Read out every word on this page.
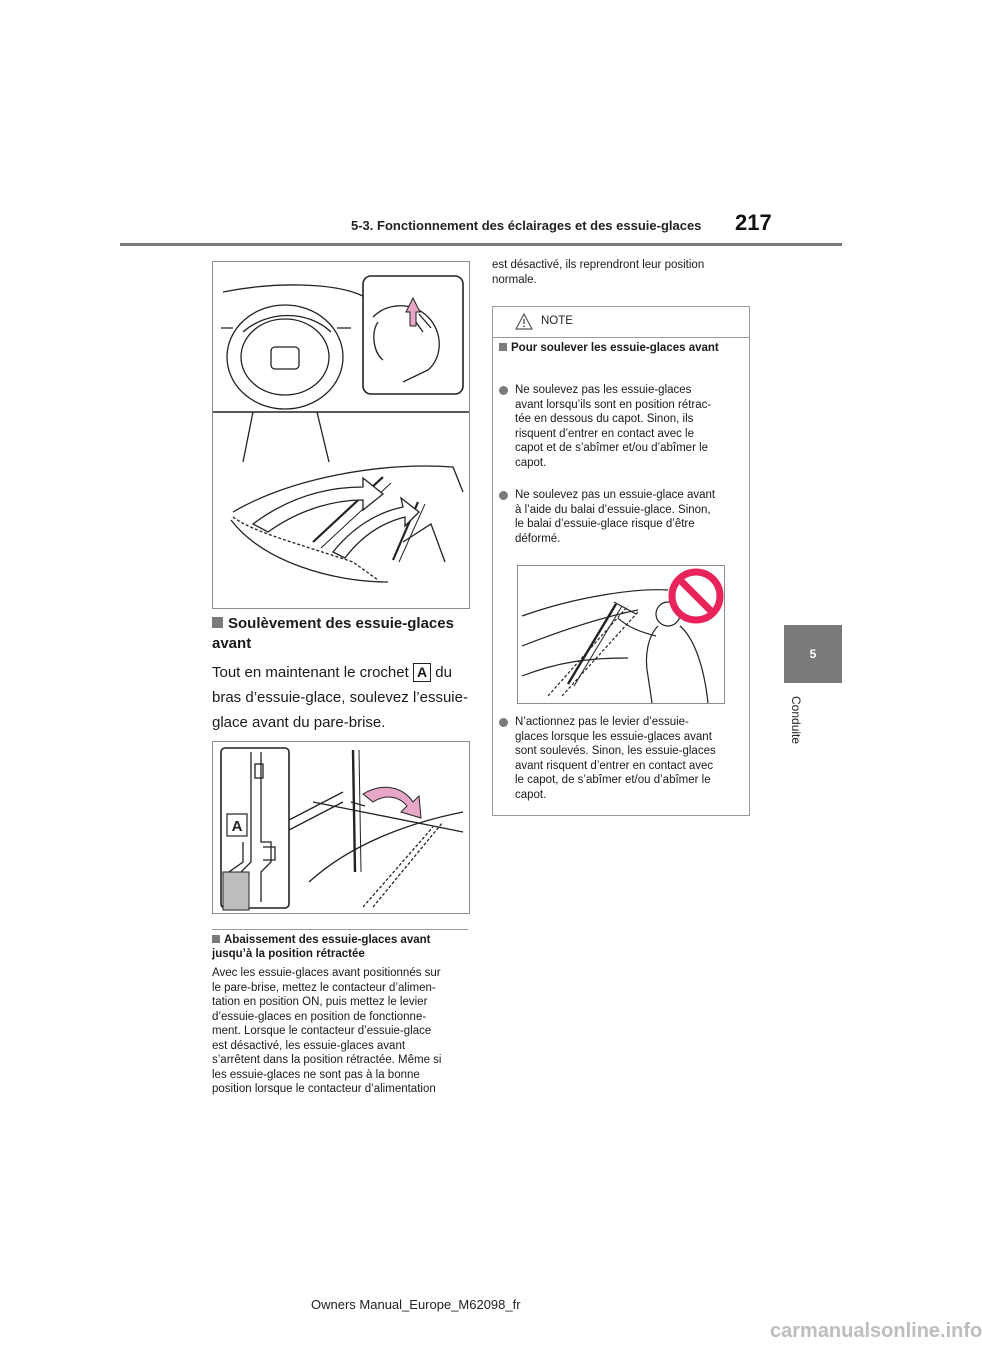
5-3. Fonctionnement des éclairages et des essuie-glaces 217
5
Conduite
Soulèvement des essuie-glaces avant
Tout en maintenant le crochet A du bras d’essuie-glace, soulevez l’essuie-glace avant du pare-brise.
A
Abaissement des essuie-glaces avant jusqu’à la position rétractée
Avec les essuie-glaces avant positionnés sur
le pare-brise, mettez le contacteur d’alimen-
tation en position ON, puis mettez le levier
d’essuie-glaces en position de fonctionne-
ment. Lorsque le contacteur d’essuie-glace
est désactivé, les essuie-glaces avant
s’arrêtent dans la position rétractée. Même si
les essuie-glaces ne sont pas à la bonne
position lorsque le contacteur d’alimentation
est désactivé, ils reprendront leur position
normale.
NOTE
Pour soulever les essuie-glaces avant

Ne soulevez pas les essuie-glaces
avant lorsqu’ils sont en position rétrac-
tée en dessous du capot. Sinon, ils
risquent d’entrer en contact avec le
capot et de s’abîmer et/ou d’abîmer le
capot.

Ne soulevez pas un essuie-glace avant
à l’aide du balai d’essuie-glace. Sinon,
le balai d’essuie-glace risque d’être
déformé.

N’actionnez pas le levier d’essuie-
glaces lorsque les essuie-glaces avant
sont soulevés. Sinon, les essuie-glaces
avant risquent d’entrer en contact avec
le capot, de s’abîmer et/ou d’abîmer le
capot.

Owners Manual_Europe_M62098_fr
carmanualsonline.info
